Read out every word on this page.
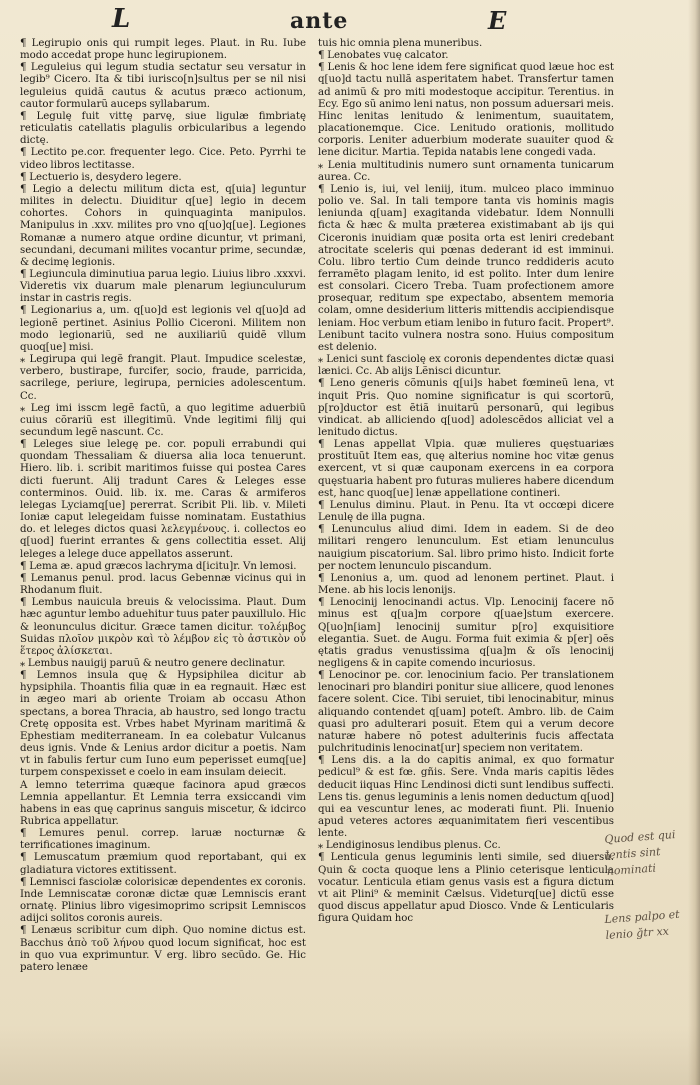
L	ante	E
¶ Legirupio onis qui rumpit leges. Plaut. in Ru. Iube modo accedat prope hunc legirupionem.
¶ Leguleius qui legum studia sectatur seu versatur in legib⁹ Cicero. Ita & tibi iurisco[n]sultus per se nil nisi leguleius quidã cautus & acutus præco actionum, cautor formularũ auceps syllabarum.
¶ Legulę fuit vittę parvę, siue ligulæ fimbriatę reticulatis catellatis plagulis orbicularibus a legendo dictę.
¶ Lectito pe.cor. frequenter lego. Cice. Peto. Pyrrhi te video libros lectitasse.
¶ Lectuerio is, desydero legere.
¶ Legio a delectu militum dicta est, q[uia] leguntur milites in delectu. Diuiditur q[ue] legio in decem cohortes. Cohors in quinquaginta manipulos. Manipulus in .xxv. milites pro vno q[uo]q[ue]. Legiones Romanæ a numero atque ordine dicuntur, vt primani, secundani, decumani milites vocantur prime, secundæ, & decimę legionis.
¶ Legiuncula diminutiua parua legio. Liuius libro .xxxvi. Videretis vix duarum male plenarum legiunculurum instar in castris regis.
¶ Legionarius a, um. q[uo]d est legionis vel q[uo]d ad legionẽ pertinet. Asinius Pollio Ciceroni. Militem non modo legionariũ, sed ne auxiliariũ quidẽ vllum quoq[ue] misi.
⁎ Legirupa qui legẽ frangit. Plaut. Impudice scelestæ, verbero, bustirape, furcifer, socio, fraude, parricida, sacrilege, periure, legirupa, pernicies adolescentum. Cc.
⁎ Leg imi isscm legẽ factũ, a quo legitime aduerbiũ cuius cõrariũ est illegitimũ. Vnde legitimi filij qui secundum legẽ nascunt. Cc.
¶ Leleges siue lelegę pe. cor. populi errabundi qui quondam Thessaliam & diuersa alia loca tenuerunt. Hiero. lib. i. scribit maritimos fuisse qui postea Cares dicti fuerunt. Alij tradunt Cares & Leleges esse conterminos. Ouid. lib. ix. me. Caras & armiferos lelegas Lyciamq[ue] pererrat. Scribit Pli. lib. v. Mileti Ioniæ caput lelegeidam fuisse nominatam. Eustathius do. et leleges dictos quasi λελεγμένους. i. collectos eo q[uod] fuerint errantes & gens collectitia esset. Alij leleges a lelege duce appellatos asserunt.
¶ Lema æ. apud græcos lachryma d[icitu]r. Vn lemosi.
¶ Lemanus penul. prod. lacus Gebennæ vicinus qui in Rhodanum fluit.
¶ Lembus nauicula breuis & velocissima. Plaut. Dum hæc aguntur lembo aduehitur tuus pater pauxillulo. Hic & leonunculus dicitur. Græce tamen dicitur. τολέμβος Suidas πλοῖον μικρὸν καὶ τὸ λέμβον εἰς τὸ ἀστικὸν οὖ ἕτερος ἀλίσκεται.
⁎ Lembus nauigij paruũ & neutro genere declinatur.
¶ Lemnos insula quę & Hypsiphilea dicitur ab hypsiphila. Thoantis filia quæ in ea regnauit. Hæc est in ægeo mari ab oriente Troiam ab occasu Athon spectans, a borea Thracia, ab haustro, sed longo tractu Cretę opposita est. Vrbes habet Myrinam maritimã & Ephestiam mediterraneam. In ea colebatur Vulcanus deus ignis. Vnde & Lenius ardor dicitur a poetis. Nam vt in fabulis fertur cum Iuno eum peperisset eumq[ue] turpem conspexisset e coelo in eam insulam deiecit.
A lemno teterrima quæque facinora apud græcos Lemnia appellantur. Et Lemnia terra exsiccandi vim habens in eas quę caprinus sanguis miscetur, & idcirco Rubrica appellatur.
¶ Lemures penul. correp. laruæ nocturnæ & terrificationes imaginum.
¶ Lemuscatum præmium quod reportabant, qui ex gladiatura victores extitissent.
¶ Lemnisci fasciolæ colorisicæ dependentes ex coronis. Inde Lemniscatæ coronæ dictæ quæ Lemniscis erant ornatę. Plinius libro vigesimoprimo scripsit Lemniscos adijci solitos coronis aureis.
¶ Lenæus scribitur cum diph. Quo nomine dictus est. Bacchus ἀπὸ τοῦ λήνου quod locum significat, hoc est in quo vua exprimuntur. V erg. libro secũdo. Ge. Hic patero lenæe
tuis hic omnia plena muneribus.
¶ Lenobates vuę calcator.
¶ Lenis & hoc lene idem fere significat quod læue hoc est q[uo]d tactu nullã asperitatem habet. Transfertur tamen ad animũ & pro miti modestoque accipitur. Terentius. in Ecy. Ego sũ animo leni natus, non possum aduersari meis. Hinc lenitas lenitudo & lenimentum, suauitatem, placationemque. Cice. Lenitudo orationis, mollitudo corporis. Leniter aduerbium moderate suauiter quod & lene dicitur. Martia. Tepida natabis lene congedi vada.
⁎ Lenia multitudinis numero sunt ornamenta tunicarum aurea. Cc.
¶ Lenio is, iui, vel leniij, itum. mulceo placo imminuo polio ve. Sal. In tali tempore tanta vis hominis magis leniunda q[uam] exagitanda videbatur. Idem Nonnulli ficta & hæc & multa præterea existimabant ab ijs qui Ciceronis inuidiam quæ posita orta est leniri credebant atrocitate sceleris qui pœnas dederant id est imminui. Colu. libro tertio Cum deinde trunco reddideris acuto ferramẽto plagam lenito, id est polito. Inter dum lenire est consolari. Cicero Treba. Tuam profectionem amore prosequar, reditum spe expectabo, absentem memoria colam, omne desiderium litteris mittendis accipiendisque leniam. Hoc verbum etiam lenibo in futuro facit. Propert⁹. Lenibunt tacito vulnera nostra sono. Huius compositum est delenio.
⁎ Lenici sunt fasciolę ex coronis dependentes dictæ quasi lænici. Cc. Ab alijs Lẽnisci dicuntur.
¶ Leno generis cõmunis q[ui]s habet fœmineũ lena, vt inquit Pris. Quo nomine significatur is qui scortorũ, p[ro]ductor est ẽtiã inuitarũ personarũ, qui legibus vindicat. ab alliciendo q[uod] adolescẽdos alliciat vel a lenitudo dictus.
¶ Lenas appellat Vlpia. quæ mulieres quęstuariæs prostituũt Item eas, quę alterius nomine hoc vitæ genus exercent, vt si quæ cauponam exercens in ea corpora quęstuaria habent pro futuras mulieres habere dicendum est, hanc quoq[ue] lenæ appellatione contineri.
¶ Lenulus diminu. Plaut. in Penu. Ita vt occœpi dicere Lenulę de illa pugna.
¶ Lenunculus aliud dimi. Idem in eadem. Si de deo militari rengero lenunculum. Est etiam lenunculus nauigium piscatorium. Sal. libro primo histo. Indicit forte per noctem lenunculo piscandum.
¶ Lenonius a, um. quod ad lenonem pertinet. Plaut. i Mene. ab his locis lenonijs.
¶ Lenocinij lenocinandi actus. Vlp. Lenocinij facere nõ minus est q[ua]m corpore q[uae]stum exercere. Q[uo]n[iam] lenocinij sumitur p[ro] exquisitiore elegantia. Suet. de Augu. Forma fuit eximia & p[er] oẽs ętatis gradus venustissima q[ua]m & oĩs lenocinij negligens & in capite comendo incuriosus.
¶ Lenocinor pe. cor. lenocinium facio. Per translationem lenocinari pro blandiri ponitur siue allicere, quod lenones facere solent. Cice. Tibi seruiet, tibi lenocinabitur, minus aliquando contendet q[uam] poteſt. Ambro. lib. de Caim quasi pro adulterari posuit. Etem qui a verum decore naturæ habere nõ potest adulterinis fucis affectata pulchritudinis lenocinat[ur] speciem non veritatem.
¶ Lens dis. a la do capitis animal, ex quo formatur pedicul⁹ & est fœ. gñis. Sere. Vnda maris capitis lẽdes deducit iiquas Hinc Lendinosi dicti sunt lendibus suffecti. Lens tis. genus leguminis a lenis nomen deductum q[uod] qui ea vescuntur lenes, ac moderati fiunt. Pli. Inuenio apud veteres actores æquanimitatem fieri vescentibus lente.
⁎ Lendiginosus lendibus plenus. Cc.
¶ Lenticula genus leguminis lenti simile, sed diuersũ. Quin & cocta quoque lens a Plinio ceterisque lenticula vocatur. Lenticula etiam genus vasis est a figura dictum vt ait Plini⁹ & meminit Cælsus. Videturq[ue] dictũ esse quod discus appellatur apud Diosco. Vnde & Lenticularis figura Quidam hoc
Quod est qui lentis sint nominati
Lens palpo et lenio ğtr xx
